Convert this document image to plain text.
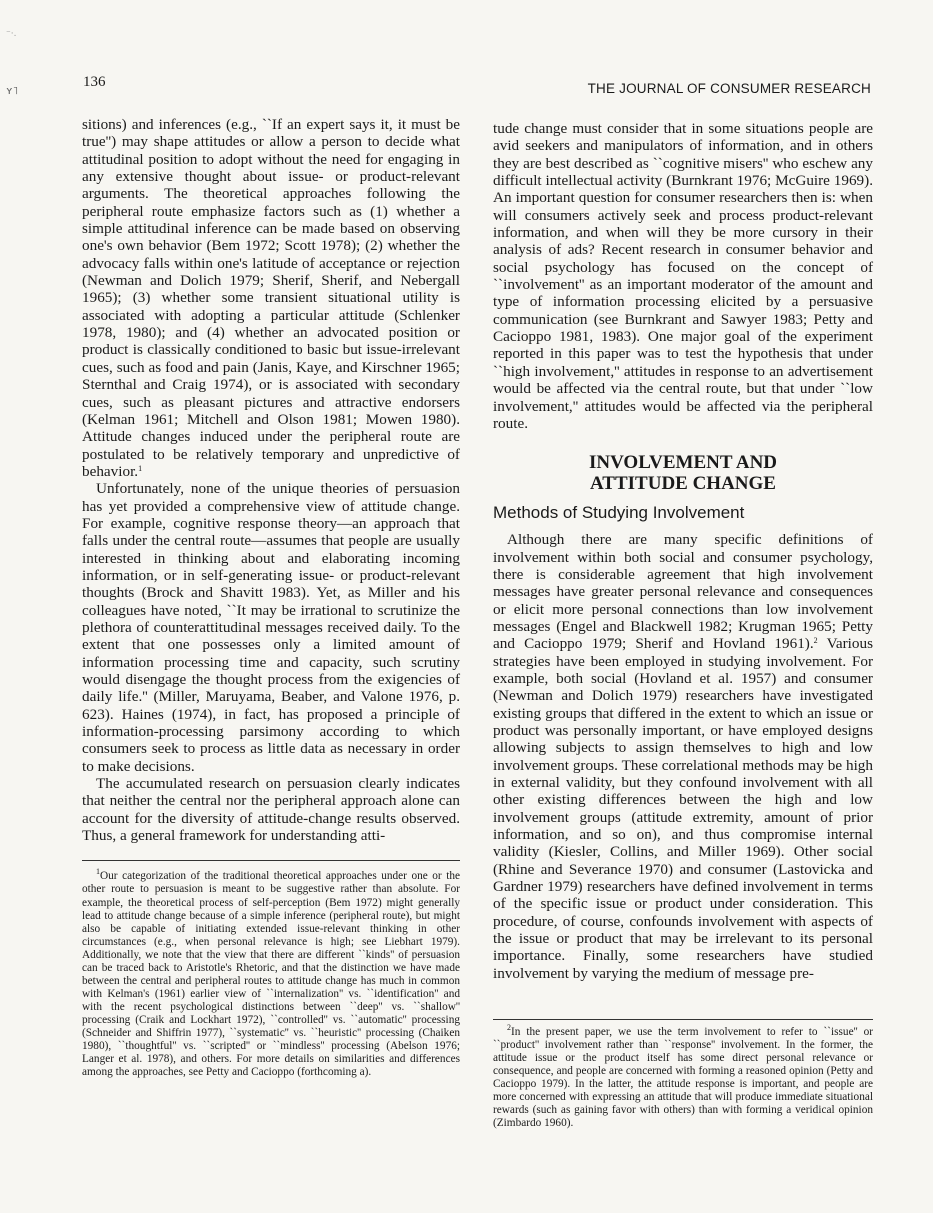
⁻·.
ʏ˥
136	THE JOURNAL OF CONSUMER RESEARCH

sitions) and inferences (e.g., ``If an expert says it, it must be true'') may shape attitudes or allow a person to decide what attitudinal position to adopt without the need for engaging in any extensive thought about issue- or product-relevant arguments. The theoretical approaches following the peripheral route emphasize factors such as (1) whether a simple attitudinal inference can be made based on observing one's own behavior (Bem 1972; Scott 1978); (2) whether the advocacy falls within one's latitude of acceptance or rejection (Newman and Dolich 1979; Sherif, Sherif, and Nebergall 1965); (3) whether some transient situational utility is associated with adopting a particular attitude (Schlenker 1978, 1980); and (4) whether an advocated position or product is classically conditioned to basic but issue-irrelevant cues, such as food and pain (Janis, Kaye, and Kirschner 1965; Sternthal and Craig 1974), or is associated with secondary cues, such as pleasant pictures and attractive endorsers (Kelman 1961; Mitchell and Olson 1981; Mowen 1980). Attitude changes induced under the peripheral route are postulated to be relatively temporary and unpredictive of behavior.$^1$

Unfortunately, none of the unique theories of persuasion has yet provided a comprehensive view of attitude change. For example, cognitive response theory—an approach that falls under the central route—assumes that people are usually interested in thinking about and elaborating incoming information, or in self-generating issue- or product-relevant thoughts (Brock and Shavitt 1983). Yet, as Miller and his colleagues have noted, ``It may be irrational to scrutinize the plethora of counterattitudinal messages received daily. To the extent that one possesses only a limited amount of information processing time and capacity, such scrutiny would disengage the thought process from the exigencies of daily life.'' (Miller, Maruyama, Beaber, and Valone 1976, p. 623). Haines (1974), in fact, has proposed a principle of information-processing parsimony according to which consumers seek to process as little data as necessary in order to make decisions.

The accumulated research on persuasion clearly indicates that neither the central nor the peripheral approach alone can account for the diversity of attitude-change results observed. Thus, a general framework for understanding atti-

$^1$Our categorization of the traditional theoretical approaches under one or the other route to persuasion is meant to be suggestive rather than absolute. For example, the theoretical process of self-perception (Bem 1972) might generally lead to attitude change because of a simple inference (peripheral route), but might also be capable of initiating extended issue-relevant thinking in other circumstances (e.g., when personal relevance is high; see Liebhart 1979). Additionally, we note that the view that there are different ``kinds'' of persuasion can be traced back to Aristotle's Rhetoric, and that the distinction we have made between the central and peripheral routes to attitude change has much in common with Kelman's (1961) earlier view of ``internalization'' vs. ``identification'' and with the recent psychological distinctions between ``deep'' vs. ``shallow'' processing (Craik and Lockhart 1972), ``controlled'' vs. ``automatic'' processing (Schneider and Shiffrin 1977), ``systematic'' vs. ``heuristic'' processing (Chaiken 1980), ``thoughtful'' vs. ``scripted'' or ``mindless'' processing (Abelson 1976; Langer et al. 1978), and others. For more details on similarities and differences among the approaches, see Petty and Cacioppo (forthcoming a).

tude change must consider that in some situations people are avid seekers and manipulators of information, and in others they are best described as ``cognitive misers'' who eschew any difficult intellectual activity (Burnkrant 1976; McGuire 1969). An important question for consumer researchers then is: when will consumers actively seek and process product-relevant information, and when will they be more cursory in their analysis of ads? Recent research in consumer behavior and social psychology has focused on the concept of ``involvement'' as an important moderator of the amount and type of information processing elicited by a persuasive communication (see Burnkrant and Sawyer 1983; Petty and Cacioppo 1981, 1983). One major goal of the experiment reported in this paper was to test the hypothesis that under ``high involvement,'' attitudes in response to an advertisement would be affected via the central route, but that under ``low involvement,'' attitudes would be affected via the peripheral route.

INVOLVEMENT AND
ATTITUDE CHANGE
Methods of Studying Involvement

Although there are many specific definitions of involvement within both social and consumer psychology, there is considerable agreement that high involvement messages have greater personal relevance and consequences or elicit more personal connections than low involvement messages (Engel and Blackwell 1982; Krugman 1965; Petty and Cacioppo 1979; Sherif and Hovland 1961).$^2$ Various strategies have been employed in studying involvement. For example, both social (Hovland et al. 1957) and consumer (Newman and Dolich 1979) researchers have investigated existing groups that differed in the extent to which an issue or product was personally important, or have employed designs allowing subjects to assign themselves to high and low involvement groups. These correlational methods may be high in external validity, but they confound involvement with all other existing differences between the high and low involvement groups (attitude extremity, amount of prior information, and so on), and thus compromise internal validity (Kiesler, Collins, and Miller 1969). Other social (Rhine and Severance 1970) and consumer (Lastovicka and Gardner 1979) researchers have defined involvement in terms of the specific issue or product under consideration. This procedure, of course, confounds involvement with aspects of the issue or product that may be irrelevant to its personal importance. Finally, some researchers have studied involvement by varying the medium of message pre-

$^2$In the present paper, we use the term involvement to refer to ``issue'' or ``product'' involvement rather than ``response'' involvement. In the former, the attitude issue or the product itself has some direct personal relevance or consequence, and people are concerned with forming a reasoned opinion (Petty and Cacioppo 1979). In the latter, the attitude response is important, and people are more concerned with expressing an attitude that will produce immediate situational rewards (such as gaining favor with others) than with forming a veridical opinion (Zimbardo 1960).
